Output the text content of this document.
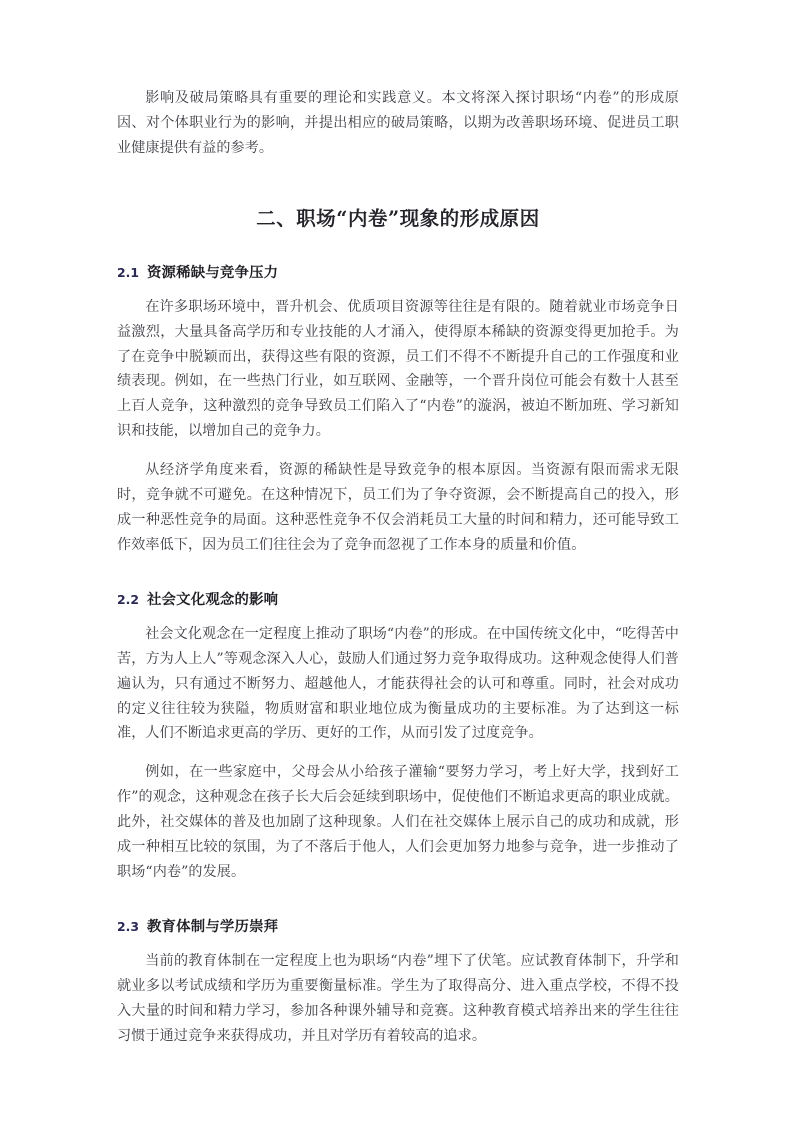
影响及破局策略具有重要的理论和实践意义。本文将深入探讨职场“内卷”的形成原因、对个体职业行为的影响，并提出相应的破局策略，以期为改善职场环境、促进员工职业健康提供有益的参考。

二、职场“内卷”现象的形成原因
2.1 资源稀缺与竞争压力

在许多职场环境中，晋升机会、优质项目资源等往往是有限的。随着就业市场竞争日益激烈，大量具备高学历和专业技能的人才涌入，使得原本稀缺的资源变得更加抢手。为了在竞争中脱颖而出，获得这些有限的资源，员工们不得不不断提升自己的工作强度和业绩表现。例如，在一些热门行业，如互联网、金融等，一个晋升岗位可能会有数十人甚至上百人竞争，这种激烈的竞争导致员工们陷入了“内卷”的漩涡，被迫不断加班、学习新知识和技能，以增加自己的竞争力。

从经济学角度来看，资源的稀缺性是导致竞争的根本原因。当资源有限而需求无限时，竞争就不可避免。在这种情况下，员工们为了争夺资源，会不断提高自己的投入，形成一种恶性竞争的局面。这种恶性竞争不仅会消耗员工大量的时间和精力，还可能导致工作效率低下，因为员工们往往会为了竞争而忽视了工作本身的质量和价值。

2.2 社会文化观念的影响

社会文化观念在一定程度上推动了职场“内卷”的形成。在中国传统文化中，“吃得苦中苦，方为人上人”等观念深入人心，鼓励人们通过努力竞争取得成功。这种观念使得人们普遍认为，只有通过不断努力、超越他人，才能获得社会的认可和尊重。同时，社会对成功的定义往往较为狭隘，物质财富和职业地位成为衡量成功的主要标准。为了达到这一标准，人们不断追求更高的学历、更好的工作，从而引发了过度竞争。

例如，在一些家庭中，父母会从小给孩子灌输“要努力学习，考上好大学，找到好工作”的观念，这种观念在孩子长大后会延续到职场中，促使他们不断追求更高的职业成就。此外，社交媒体的普及也加剧了这种现象。人们在社交媒体上展示自己的成功和成就，形成一种相互比较的氛围，为了不落后于他人，人们会更加努力地参与竞争，进一步推动了职场“内卷”的发展。

2.3 教育体制与学历崇拜

当前的教育体制在一定程度上也为职场“内卷”埋下了伏笔。应试教育体制下，升学和就业多以考试成绩和学历为重要衡量标准。学生为了取得高分、进入重点学校，不得不投入大量的时间和精力学习，参加各种课外辅导和竞赛。这种教育模式培养出来的学生往往习惯于通过竞争来获得成功，并且对学历有着较高的追求。
